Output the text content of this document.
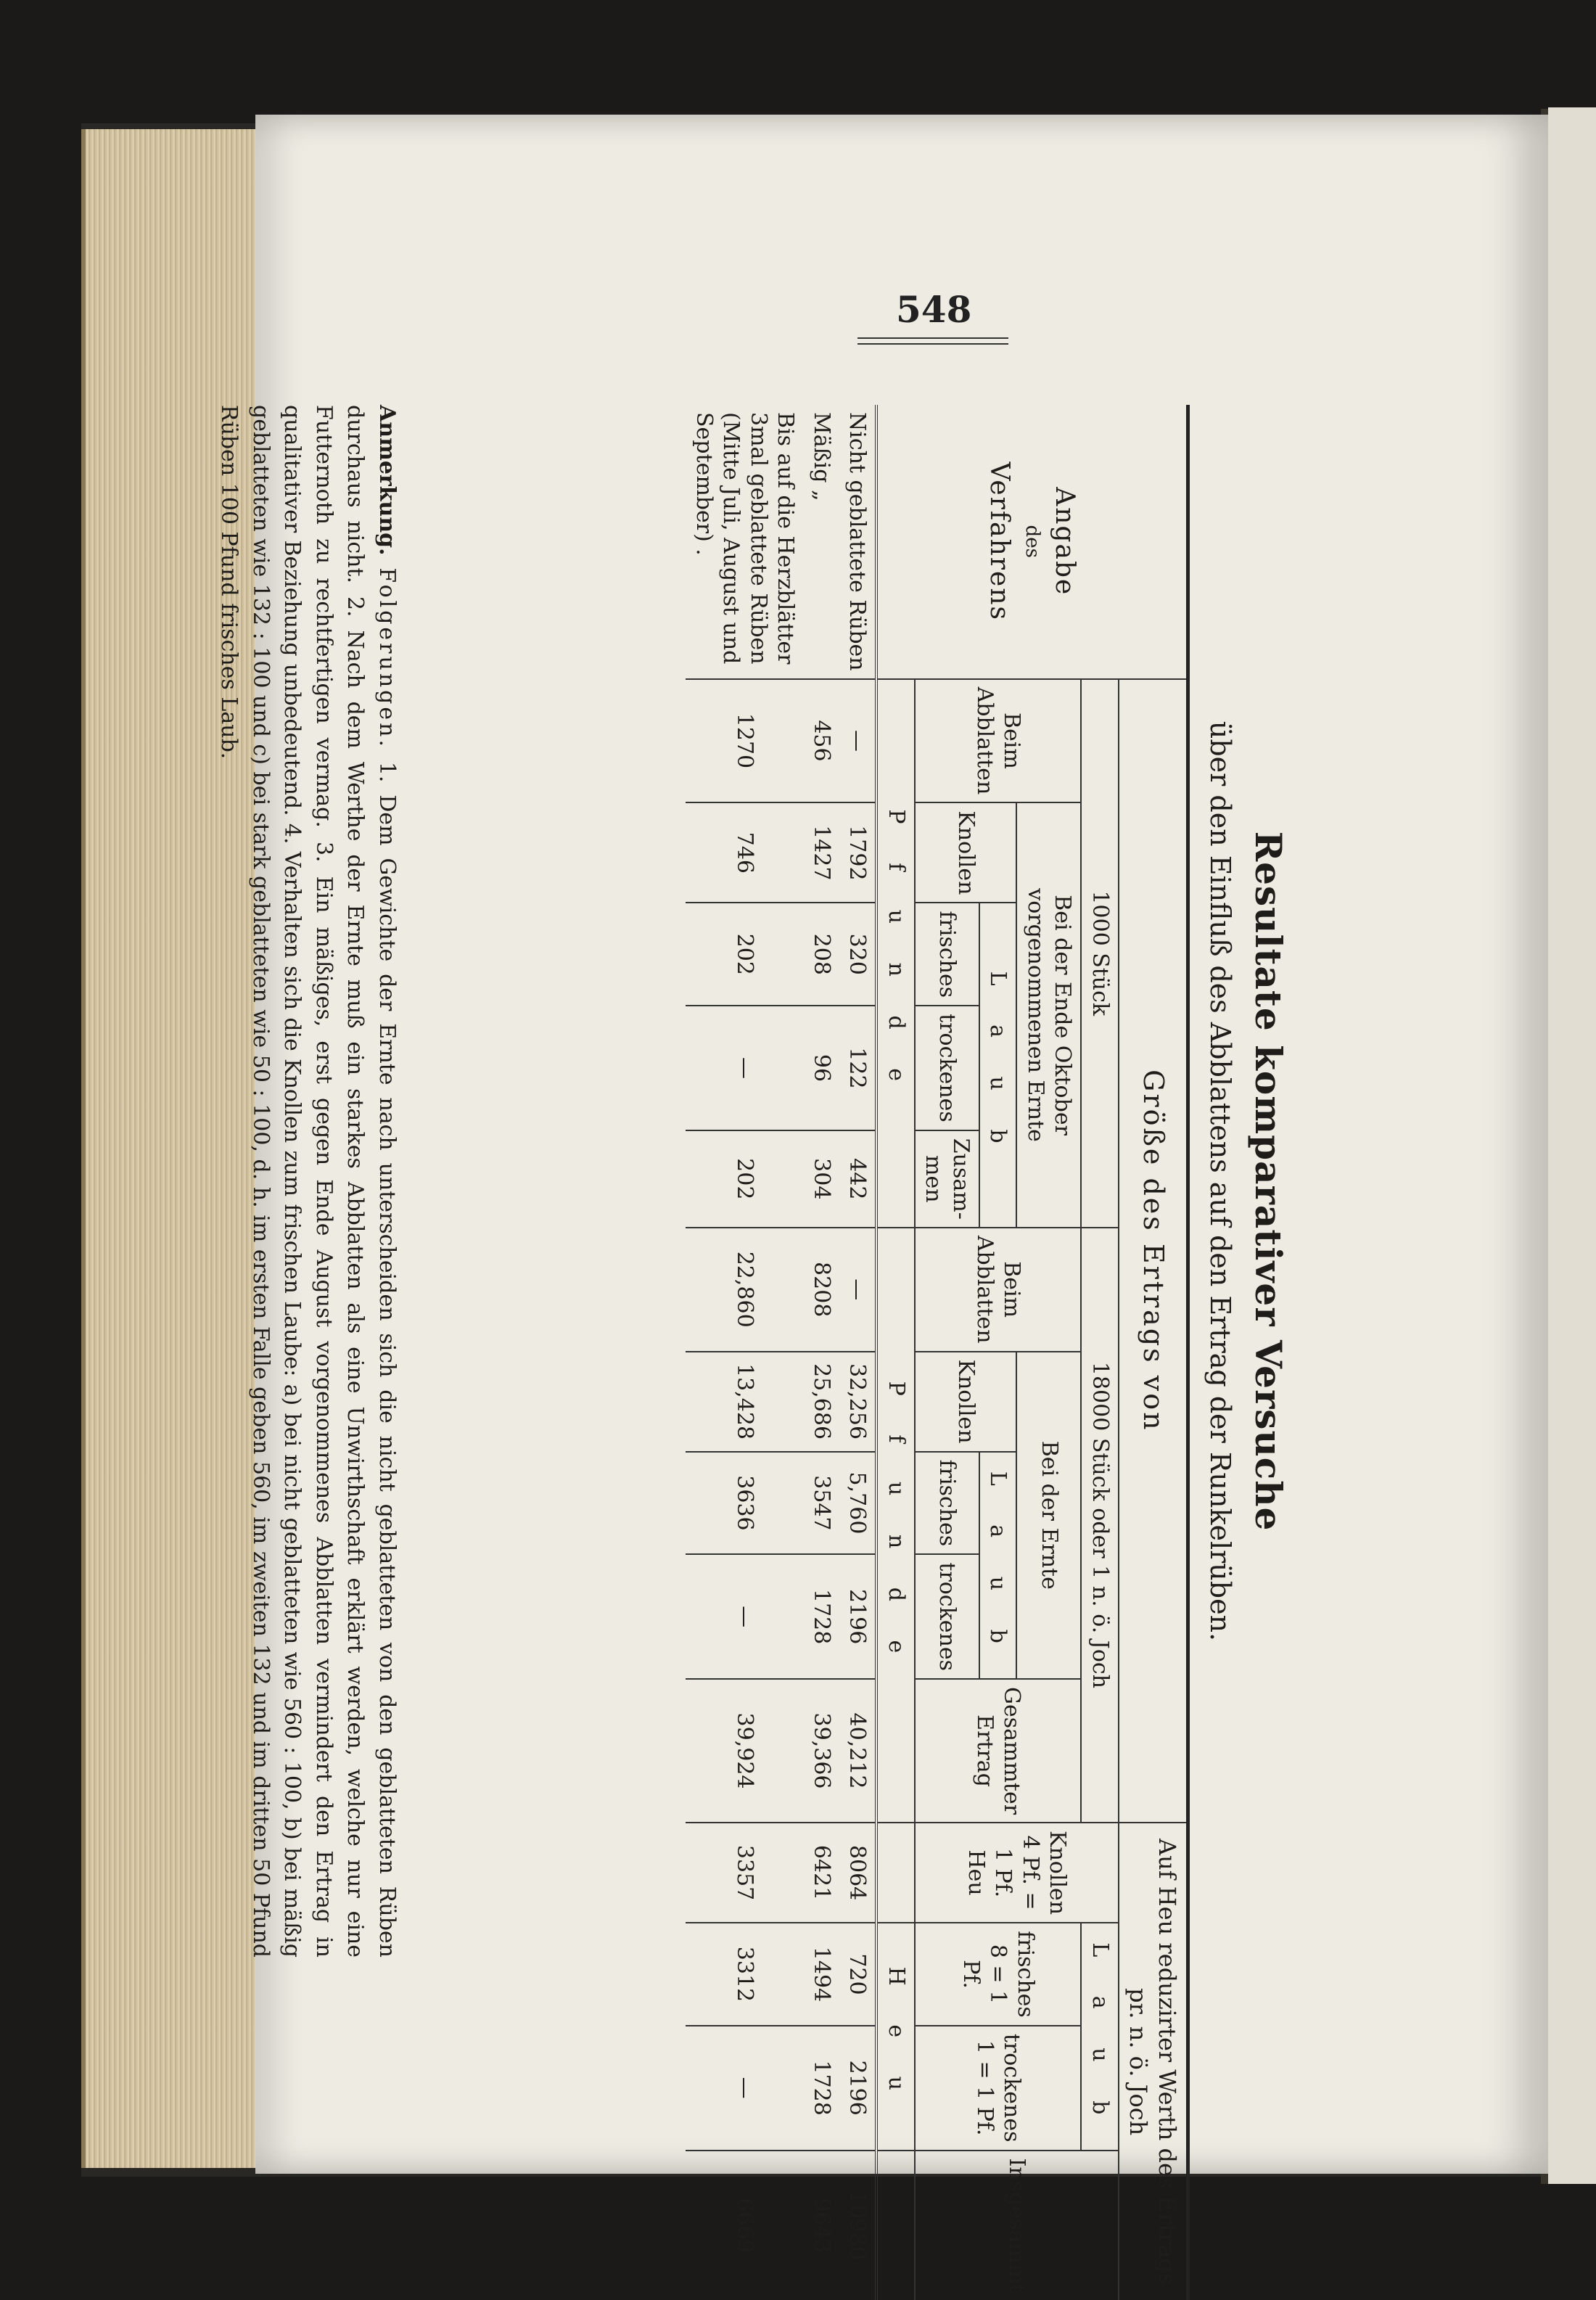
548
Resultate komparativer Versuche
über den Einfluß des Abblattens auf den Ertrag der Runkelrüben.
Angabe
des
Verfahrens	Größe des Ertrags von										Auf Heu reduzirter Werth des Ertrags pr. n. ö. Joch			
	1000 Stück					18000 Stück oder 1 n. ö. Joch					Knollen 4 Pf. = 1 Pf. Heu	L a u b		Insgesammt
	Beim Abblatten	Bei der Ende Oktober vorgenommenen Ernte				Beim Abblatten	Bei der Ernte			Gesammter Ertrag		frisches 8 = 1 Pf.	trockenes 1 = 1 Pf.	
		Knollen	L a u b				Knollen	L a u b						
			frisches	trockenes	Zusam-men			frisches	trockenes					
	P f u n d e					P f u n d e						H e u		
Nicht geblattete Rüben	—	1792	320	122	442	—	32,256	5,760	2196	40,212	8064	720	2196	10980
Mäßig „	456	1427	208	96	304	8208	25,686	3547	1728	39,366	6421	1494	1728	9643
Bis auf die Herzblätter 3mal geblattete Rüben (Mitte Juli, August und September) .	1270	746	202	—	202	22,860	13,428	3636	—	39,924	3357	3312	—	6669
Anmerkung. Folgerungen. 1. Dem Gewichte der Ernte nach unterscheiden sich die nicht geblatteten von den geblatteten Rüben durchaus nicht. 2. Nach dem Werthe der Ernte muß ein starkes Abblatten als eine Unwirthschaft erklärt werden, welche nur eine Futternoth zu rechtfertigen vermag. 3. Ein mäßiges, erst gegen Ende August vorgenommenes Abblatten vermindert den Ertrag in qualitativer Beziehung unbedeutend. 4. Verhalten sich die Knollen zum frischen Laube: a) bei nicht geblatteten wie 560 : 100, b) bei mäßig geblatteten wie 132 : 100 und c) bei stark geblatteten wie 50 : 100, d. h. im ersten Falle geben 560, im zweiten 132 und im dritten 50 Pfund Rüben 100 Pfund frisches Laub.
